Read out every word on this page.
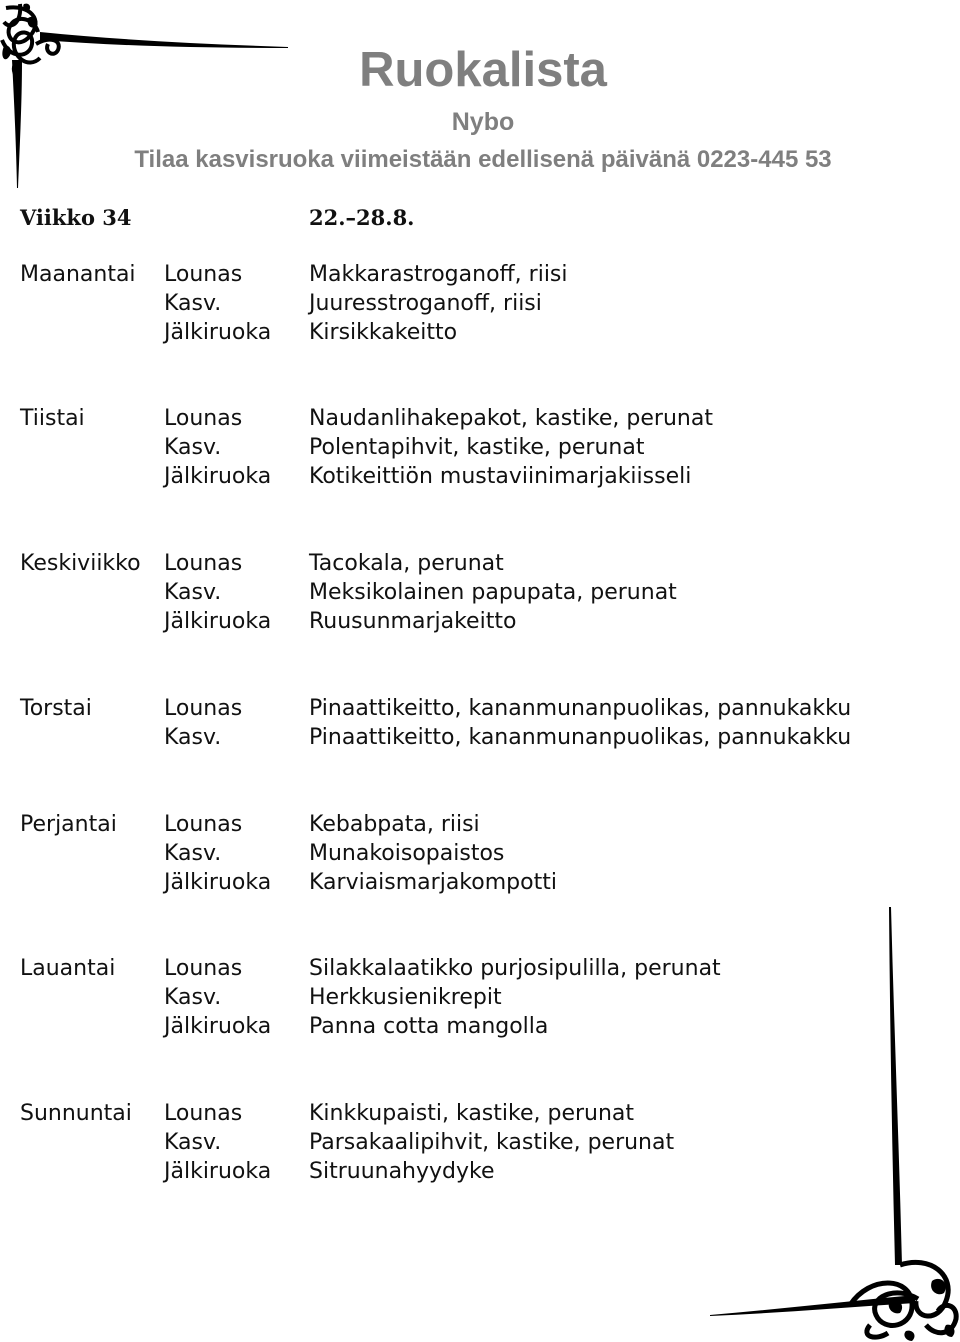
Ruokalista
Nybo
Tilaa kasvisruoka viimeistään edellisenä päivänä 0223-445 53
Viikko 34	22.–28.8.
Maanantai Lounas	Makkarastroganoff, riisi
Kasv.	Juuresstroganoff, riisi
Jälkiruoka Kirsikkakeitto
Tiistai	Lounas	Naudanlihakepakot, kastike, perunat
Kasv.	Polentapihvit, kastike, perunat
Jälkiruoka Kotikeittiön mustaviinimarjakiisseli
Keskiviikko Lounas	Tacokala, perunat
Kasv.	Meksikolainen papupata, perunat
Jälkiruoka Ruusunmarjakeitto
Torstai	Lounas	Pinaattikeitto, kananmunanpuolikas, pannukakku
Kasv.	Pinaattikeitto, kananmunanpuolikas, pannukakku
Perjantai Lounas	Kebabpata, riisi
Kasv.	Munakoisopaistos
Jälkiruoka Karviaismarjakompotti
Lauantai Lounas	Silakkalaatikko purjosipulilla, perunat
Kasv.	Herkkusienikrepit
Jälkiruoka Panna cotta mangolla
Sunnuntai Lounas	Kinkkupaisti, kastike, perunat
Kasv.	Parsakaalipihvit, kastike, perunat
Jälkiruoka Sitruunahyydyke
